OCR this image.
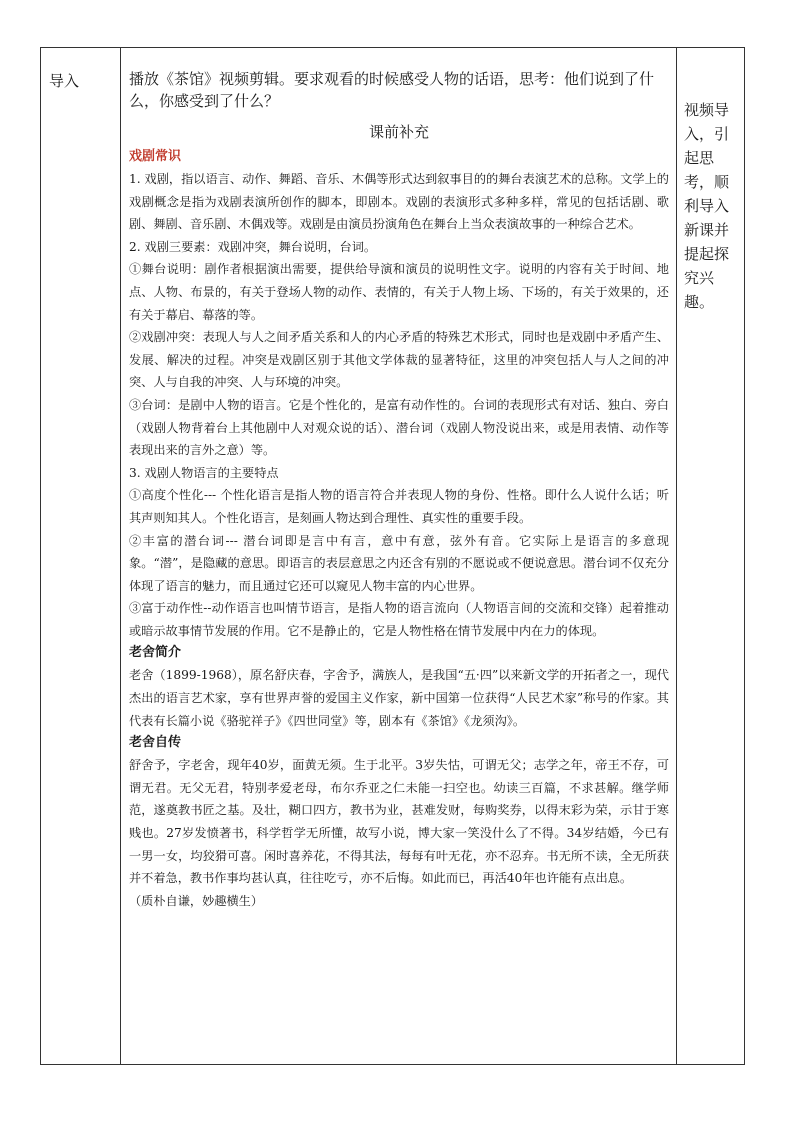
导入	播放《茶馆》视频剪辑。要求观看的时候感受人物的话语，思考：他们说到了什么，你感受到了什么？

课前补充

戏剧常识

1. 戏剧，指以语言、动作、舞蹈、音乐、木偶等形式达到叙事目的的舞台表演艺术的总称。文学上的戏剧概念是指为戏剧表演所创作的脚本，即剧本。戏剧的表演形式多种多样，常见的包括话剧、歌剧、舞剧、音乐剧、木偶戏等。戏剧是由演员扮演角色在舞台上当众表演故事的一种综合艺术。

2. 戏剧三要素：戏剧冲突，舞台说明，台词。

①舞台说明：剧作者根据演出需要，提供给导演和演员的说明性文字。说明的内容有关于时间、地点、人物、布景的，有关于登场人物的动作、表情的，有关于人物上场、下场的，有关于效果的，还有关于幕启、幕落的等。

②戏剧冲突：表现人与人之间矛盾关系和人的内心矛盾的特殊艺术形式，同时也是戏剧中矛盾产生、发展、解决的过程。冲突是戏剧区别于其他文学体裁的显著特征，这里的冲突包括人与人之间的冲突、人与自我的冲突、人与环境的冲突。

③台词：是剧中人物的语言。它是个性化的，是富有动作性的。台词的表现形式有对话、独白、旁白（戏剧人物背着台上其他剧中人对观众说的话）、潜台词（戏剧人物没说出来，或是用表情、动作等表现出来的言外之意）等。

3. 戏剧人物语言的主要特点

①高度个性化--- 个性化语言是指人物的语言符合并表现人物的身份、性格。即什么人说什么话；听其声则知其人。个性化语言，是刻画人物达到合理性、真实性的重要手段。

②丰富的潜台词--- 潜台词即是言中有言，意中有意，弦外有音。它实际上是语言的多意现象。“潜”，是隐藏的意思。即语言的表层意思之内还含有别的不愿说或不便说意思。潜台词不仅充分体现了语言的魅力，而且通过它还可以窥见人物丰富的内心世界。

③富于动作性--动作语言也叫情节语言，是指人物的语言流向（人物语言间的交流和交锋）起着推动或暗示故事情节发展的作用。它不是静止的，它是人物性格在情节发展中内在力的体现。

老舍简介

老舍（1899-1968），原名舒庆春，字舍予，满族人，是我国“五·四”以来新文学的开拓者之一，现代杰出的语言艺术家，享有世界声誉的爱国主义作家，新中国第一位获得“人民艺术家”称号的作家。其代表有长篇小说《骆驼祥子》《四世同堂》等，剧本有《茶馆》《龙须沟》。

老舍自传

舒舍予，字老舍，现年40岁，面黄无须。生于北平。3岁失怙，可谓无父；志学之年，帝王不存，可谓无君。无父无君，特别孝爱老母，布尔乔亚之仁未能一扫空也。幼读三百篇，不求甚解。继学师范，遂奠教书匠之基。及壮，糊口四方，教书为业，甚难发财，每购奖券，以得末彩为荣，示甘于寒贱也。27岁发愤著书，科学哲学无所懂，故写小说，博大家一笑没什么了不得。34岁结婚，今已有一男一女，均狡猾可喜。闲时喜养花，不得其法，每每有叶无花，亦不忍弃。书无所不读，全无所获并不着急，教书作事均甚认真，往往吃亏，亦不后悔。如此而已，再活40年也许能有点出息。

（质朴自谦，妙趣横生）

视频导入，引起思考，顺利导入新课并提起探究兴趣。
